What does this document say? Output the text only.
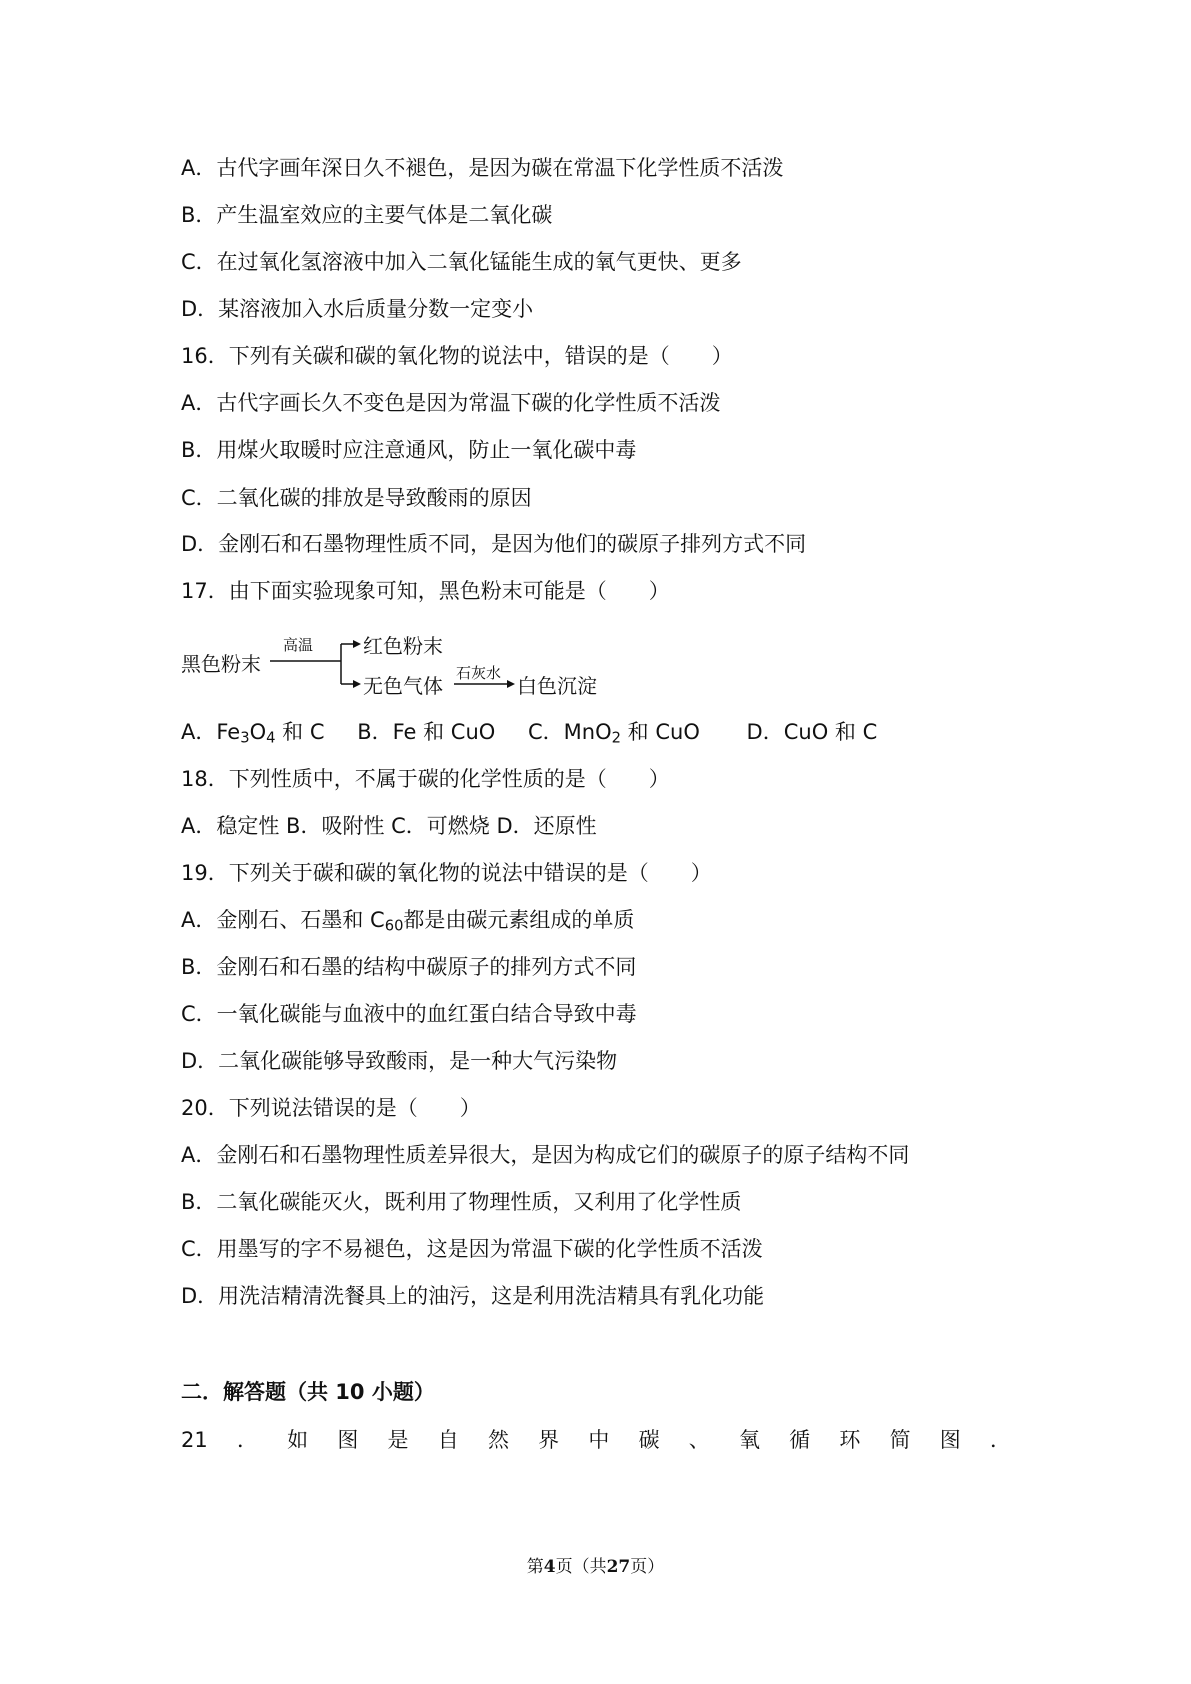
A．古代字画年深日久不褪色，是因为碳在常温下化学性质不活泼
B．产生温室效应的主要气体是二氧化碳
C．在过氧化氢溶液中加入二氧化锰能生成的氧气更快、更多
D．某溶液加入水后质量分数一定变小
16．下列有关碳和碳的氧化物的说法中，错误的是（　　）
A．古代字画长久不变色是因为常温下碳的化学性质不活泼
B．用煤火取暖时应注意通风，防止一氧化碳中毒
C．二氧化碳的排放是导致酸雨的原因
D．金刚石和石墨物理性质不同，是因为他们的碳原子排列方式不同
17．由下面实验现象可知，黑色粉末可能是（　　）
黑色粉末
高温 红色粉末
无色气体
石灰水
白色沉淀
A．$Fe_3O_4$ 和 C B．Fe 和 CuO C．MnO$_2$ 和 CuO D．CuO 和 C
18．下列性质中，不属于碳的化学性质的是（　　）
A．稳定性 B．吸附性 C．可燃烧 D．还原性
19．下列关于碳和碳的氧化物的说法中错误的是（　　）
A．金刚石、石墨和 $C_{60}$都是由碳元素组成的单质
B．金刚石和石墨的结构中碳原子的排列方式不同
C．一氧化碳能与血液中的血红蛋白结合导致中毒
D．二氧化碳能够导致酸雨，是一种大气污染物
20．下列说法错误的是（　　）
A．金刚石和石墨物理性质差异很大，是因为构成它们的碳原子的原子结构不同
B．二氧化碳能灭火，既利用了物理性质，又利用了化学性质
C．用墨写的字不易褪色，这是因为常温下碳的化学性质不活泼
D．用洗洁精清洗餐具上的油污，这是利用洗洁精具有乳化功能
二．解答题（共 10 小题）
21 ． 如 图 是 自 然 界 中 碳 、 氧 循 环 简 图 ．
第4页（共27页）
